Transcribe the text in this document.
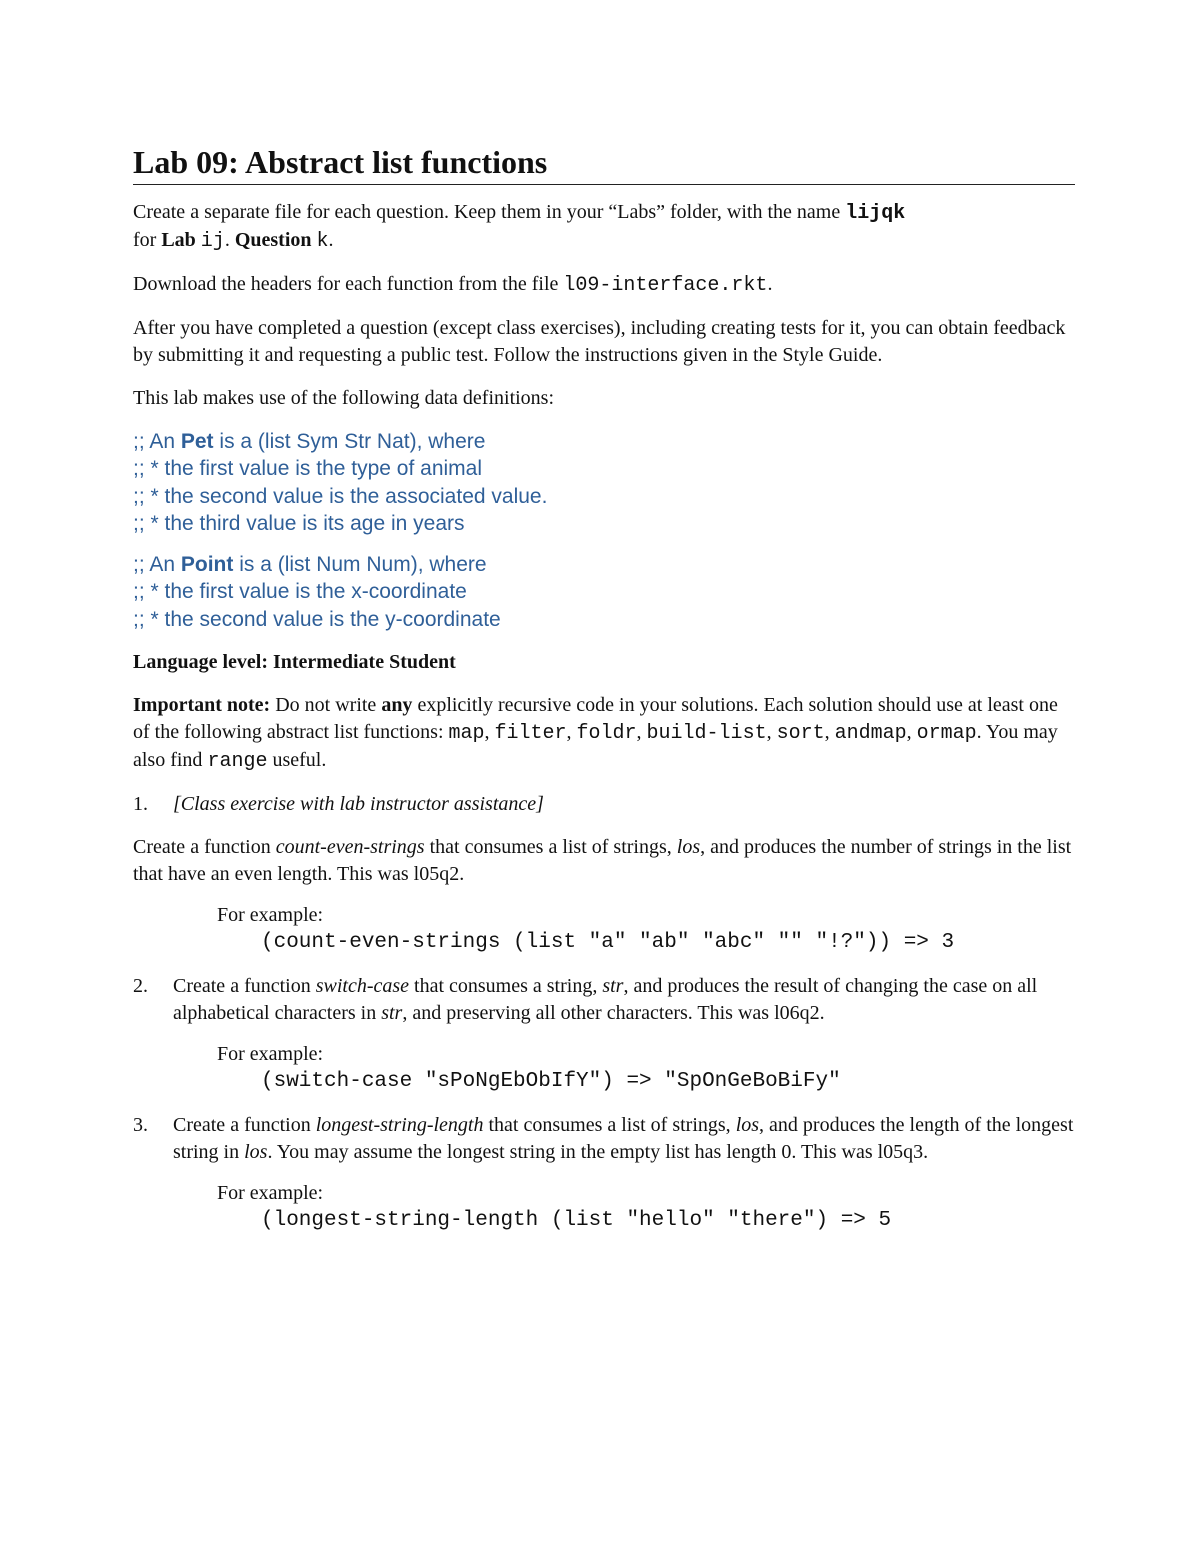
Lab 09: Abstract list functions

Create a separate file for each question. Keep them in your “Labs” folder, with the name lijqk
for Lab ij. Question k.

Download the headers for each function from the file l09-interface.rkt.

After you have completed a question (except class exercises), including creating tests for it, you can obtain feedback by submitting it and requesting a public test. Follow the instructions given in the Style Guide.

This lab makes use of the following data definitions:

;; An Pet is a (list Sym Str Nat), where
;; * the first value is the type of animal
;; * the second value is the associated value.
;; * the third value is its age in years
;; An Point is a (list Num Num), where
;; * the first value is the x-coordinate
;; * the second value is the y-coordinate

Language level: Intermediate Student

Important note: Do not write any explicitly recursive code in your solutions. Each solution should use at least one of the following abstract list functions: map, filter, foldr, build-list, sort, andmap, ormap. You may also find range useful.

1. [Class exercise with lab instructor assistance]

Create a function count-even-strings that consumes a list of strings, los, and produces the number of strings in the list that have an even length. This was l05q2.

For example:
(count-even-strings (list "a" "ab" "abc" "" "!?")) => 3
2. Create a function switch-case that consumes a string, str, and produces the result of changing the case on all alphabetical characters in str, and preserving all other characters. This was l06q2.
For example:
(switch-case "sPoNgEbObIfY") => "SpOnGeBoBiFy"
3. Create a function longest-string-length that consumes a list of strings, los, and produces the length of the longest string in los. You may assume the longest string in the empty list has length 0. This was l05q3.
For example:
(longest-string-length (list "hello" "there") => 5
